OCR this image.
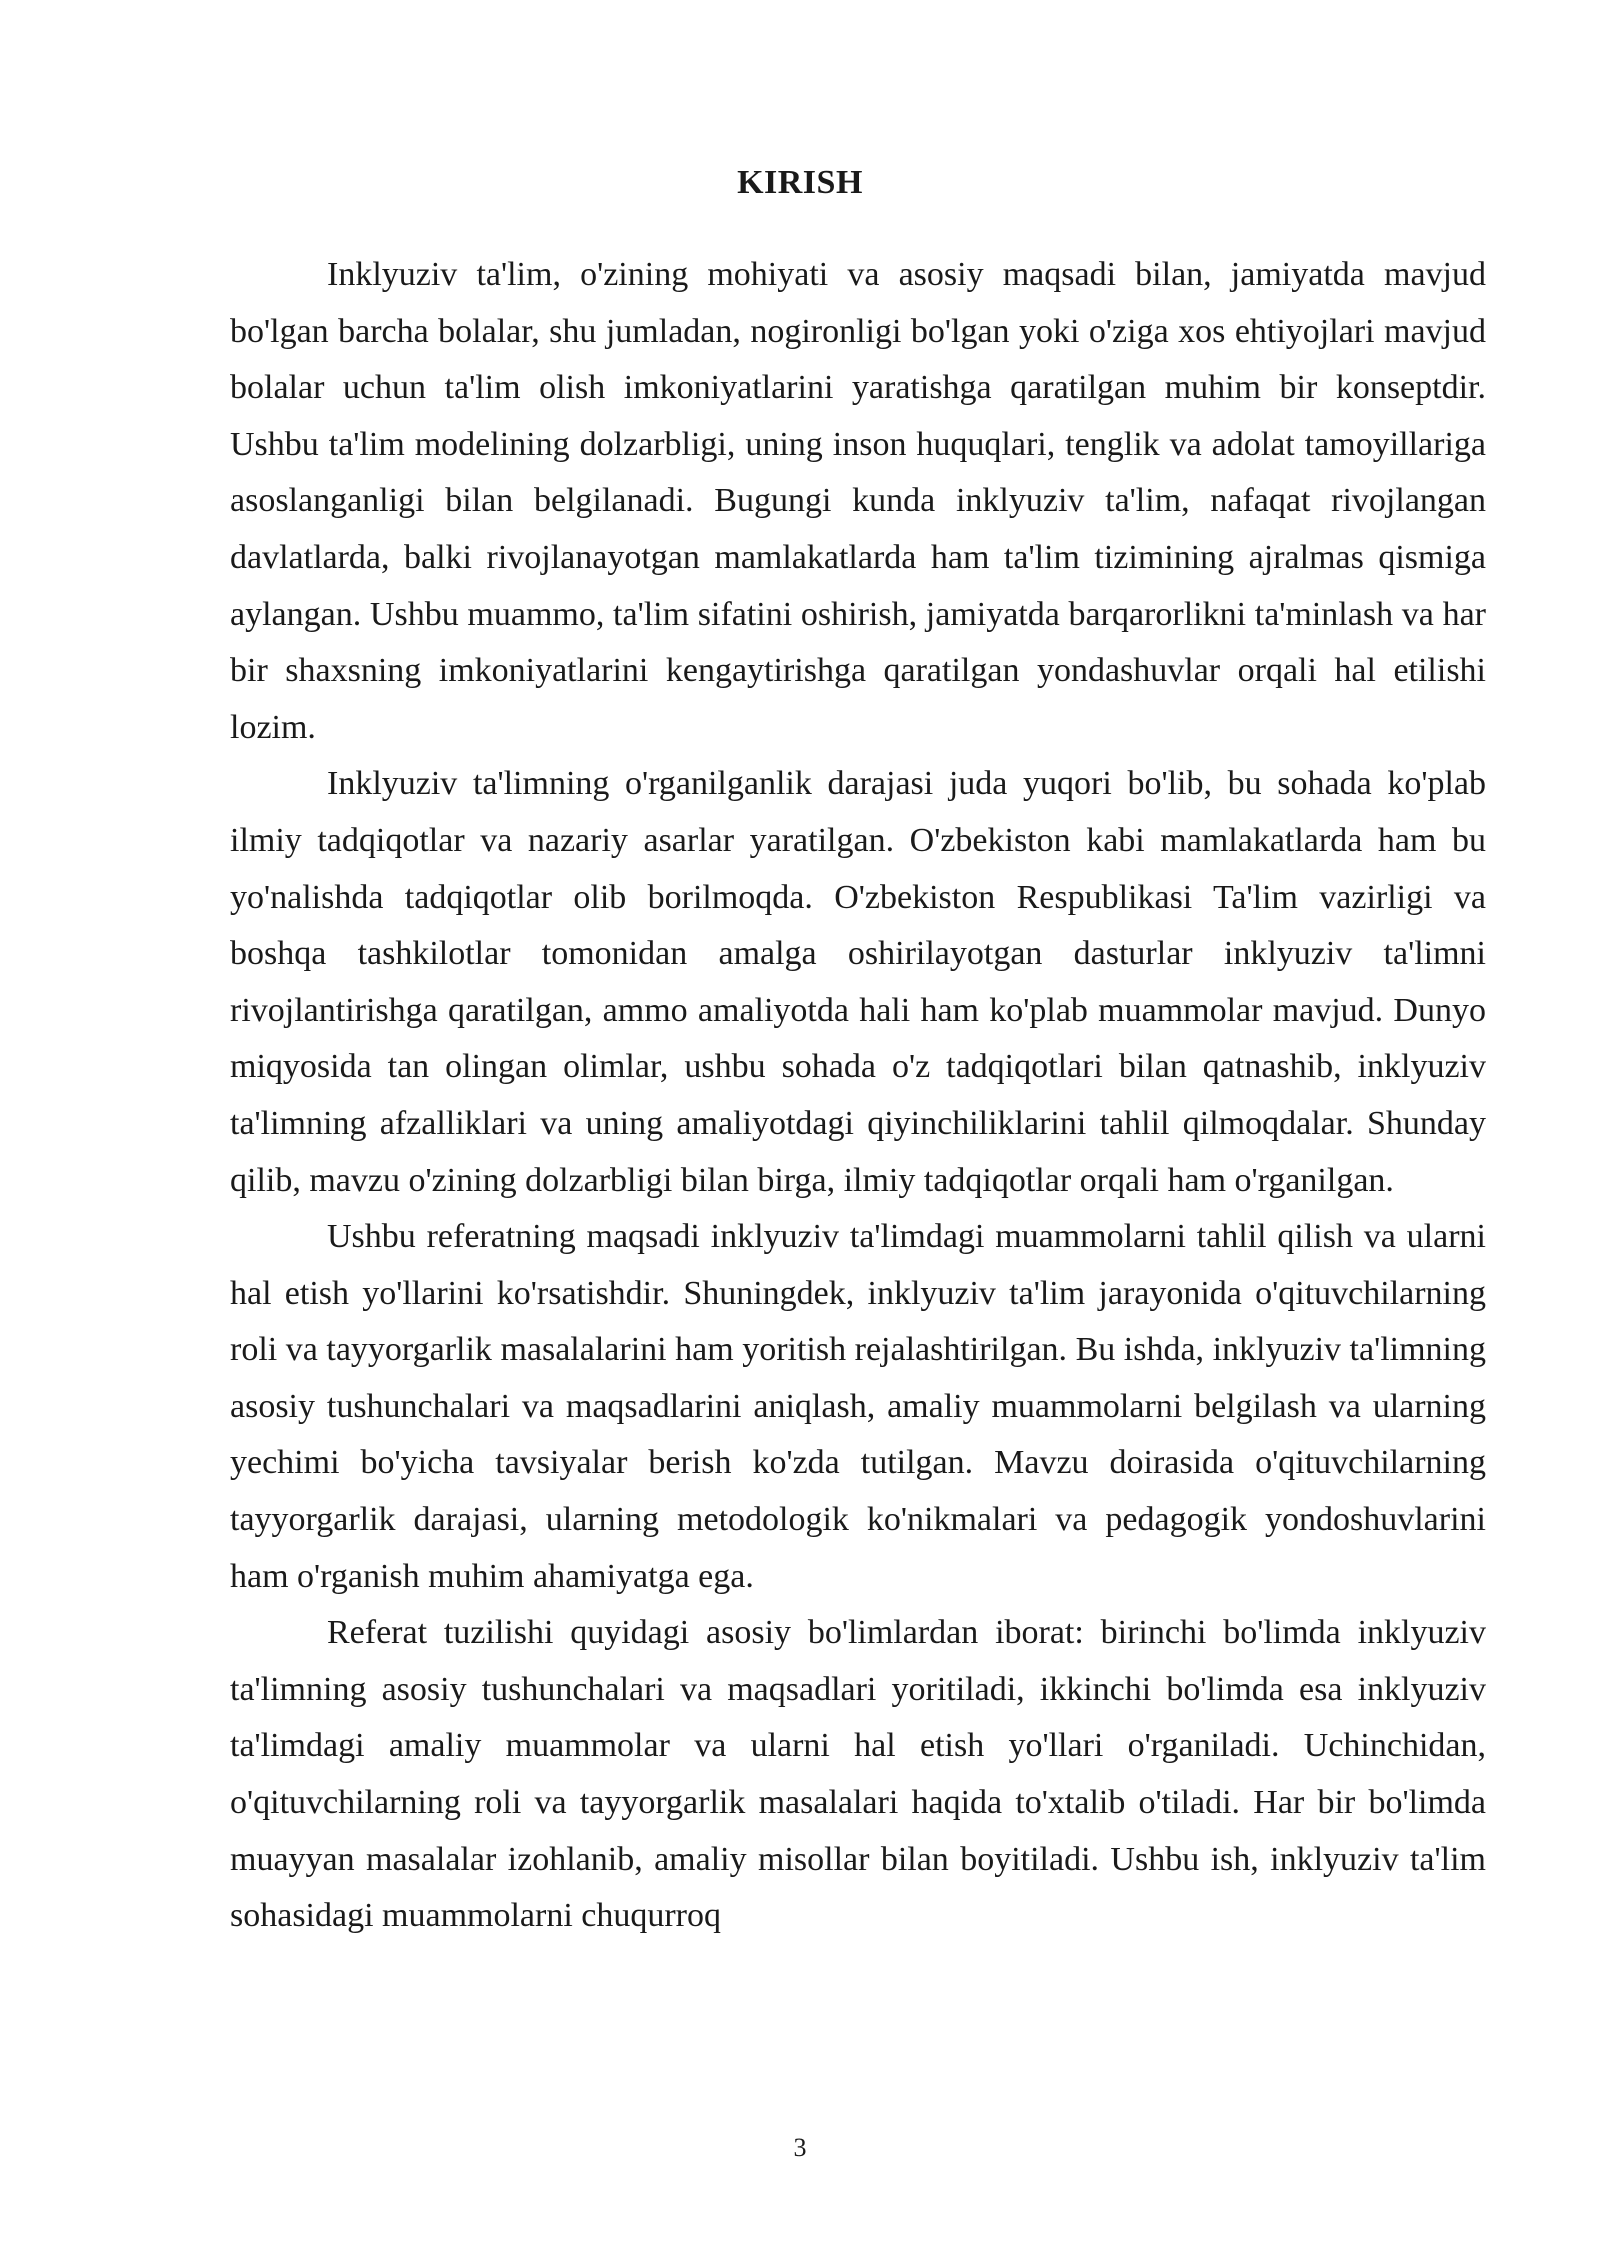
KIRISH

Inklyuziv ta'lim, o'zining mohiyati va asosiy maqsadi bilan, jamiyatda mavjud bo'lgan barcha bolalar, shu jumladan, nogironligi bo'lgan yoki o'ziga xos ehtiyojlari mavjud bolalar uchun ta'lim olish imkoniyatlarini yaratishga qaratilgan muhim bir konseptdir. Ushbu ta'lim modelining dolzarbligi, uning inson huquqlari, tenglik va adolat tamoyillariga asoslanganligi bilan belgilanadi. Bugungi kunda inklyuziv ta'lim, nafaqat rivojlangan davlatlarda, balki rivojlanayotgan mamlakatlarda ham ta'lim tizimining ajralmas qismiga aylangan. Ushbu muammo, ta'lim sifatini oshirish, jamiyatda barqarorlikni ta'minlash va har bir shaxsning imkoniyatlarini kengaytirishga qaratilgan yondashuvlar orqali hal etilishi lozim.

Inklyuziv ta'limning o'rganilganlik darajasi juda yuqori bo'lib, bu sohada ko'plab ilmiy tadqiqotlar va nazariy asarlar yaratilgan. O'zbekiston kabi mamlakatlarda ham bu yo'nalishda tadqiqotlar olib borilmoqda. O'zbekiston Respublikasi Ta'lim vazirligi va boshqa tashkilotlar tomonidan amalga oshirilayotgan dasturlar inklyuziv ta'limni rivojlantirishga qaratilgan, ammo amaliyotda hali ham ko'plab muammolar mavjud. Dunyo miqyosida tan olingan olimlar, ushbu sohada o'z tadqiqotlari bilan qatnashib, inklyuziv ta'limning afzalliklari va uning amaliyotdagi qiyinchiliklarini tahlil qilmoqdalar. Shunday qilib, mavzu o'zining dolzarbligi bilan birga, ilmiy tadqiqotlar orqali ham o'rganilgan.

Ushbu referatning maqsadi inklyuziv ta'limdagi muammolarni tahlil qilish va ularni hal etish yo'llarini ko'rsatishdir. Shuningdek, inklyuziv ta'lim jarayonida o'qituvchilarning roli va tayyorgarlik masalalarini ham yoritish rejalashtirilgan. Bu ishda, inklyuziv ta'limning asosiy tushunchalari va maqsadlarini aniqlash, amaliy muammolarni belgilash va ularning yechimi bo'yicha tavsiyalar berish ko'zda tutilgan. Mavzu doirasida o'qituvchilarning tayyorgarlik darajasi, ularning metodologik ko'nikmalari va pedagogik yondoshuvlarini ham o'rganish muhim ahamiyatga ega.

Referat tuzilishi quyidagi asosiy bo'limlardan iborat: birinchi bo'limda inklyuziv ta'limning asosiy tushunchalari va maqsadlari yoritiladi, ikkinchi bo'limda esa inklyuziv ta'limdagi amaliy muammolar va ularni hal etish yo'llari o'rganiladi. Uchinchidan, o'qituvchilarning roli va tayyorgarlik masalalari haqida to'xtalib o'tiladi. Har bir bo'limda muayyan masalalar izohlanib, amaliy misollar bilan boyitiladi. Ushbu ish, inklyuziv ta'lim sohasidagi muammolarni chuqurroq

3
